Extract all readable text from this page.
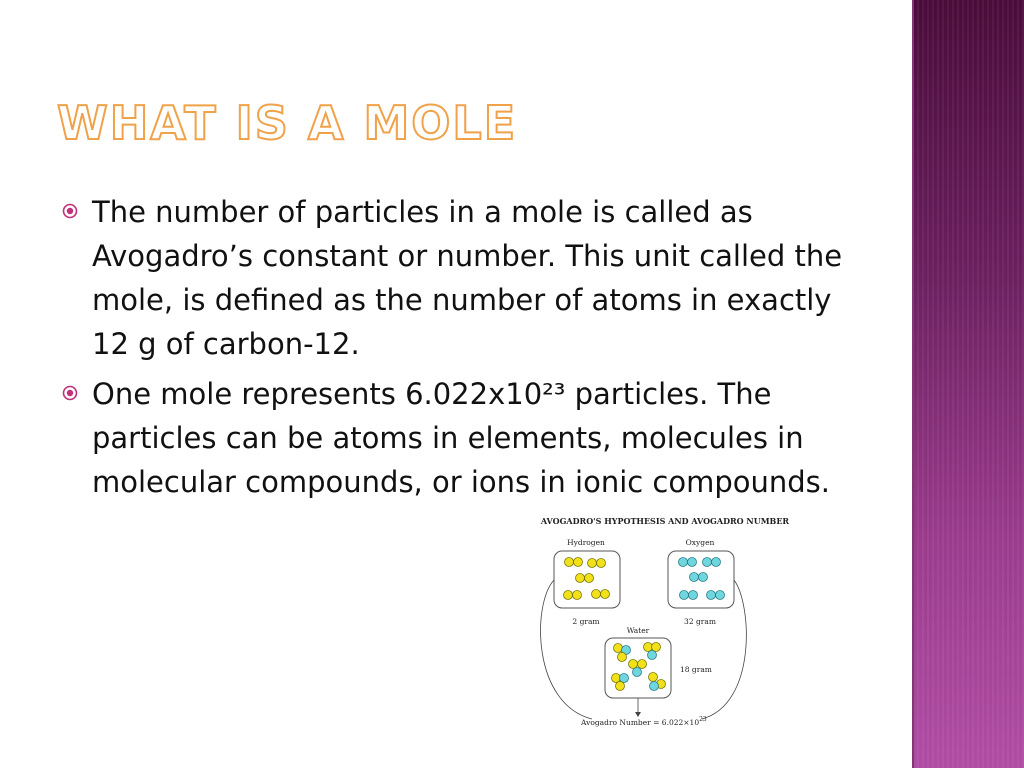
WHAT IS A MOLE
The number of particles in a mole is called as Avogadro’s constant or number. This unit called the mole, is defined as the number of atoms in exactly 12 g of carbon-12.
One mole represents 6.022x10²³ particles. The particles can be atoms in elements, molecules in molecular compounds, or ions in ionic compounds.
AVOGADRO'S HYPOTHESIS AND AVOGADRO NUMBER
Hydrogen	Oxygen
2 gram	32 gram
Water
18 gram
Avogadro Number = $6.022\times 10^{23}$
